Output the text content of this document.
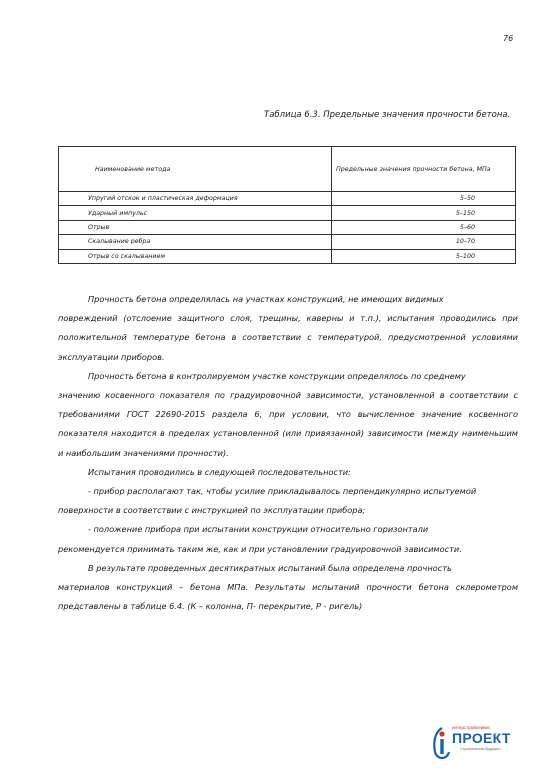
76
Таблица 6.3. Предельные значения прочности бетона.
Наименование метода	Предельные значения прочности бетона, МПа
Упругий отскок и пластическая деформация	5–50
Ударный импульс	5–150
Отрыв	5–60
Скалывание ребра	10–70
Отрыв со скалыванием	5–100
Прочность бетона определялась на участках конструкций, не имеющих видимых
повреждений (отслоение защитного слоя, трещины, каверны и т.п.), испытания проводились при положительной температуре бетона в соответствии с температурой, предусмотренной условиями эксплуатации приборов.
Прочность бетона в контролируемом участке конструкции определялось по среднему
значению косвенного показателя по градуировочной зависимости, установленной в соответствии с требованиями ГОСТ 22690-2015 раздела 6, при условии, что вычисленное значение косвенного показателя находится в пределах установленной (или привязанной) зависимости (между наименьшим и наибольшим значениями прочности).
Испытания проводились в следующей последовательности:
- прибор располагают так, чтобы усилие прикладывалось перпендикулярно испытуемой
поверхности в соответствии с инструкцией по эксплуатации прибора;
- положение прибора при испытании конструкции относительно горизонтали
рекомендуется принимать таким же, как и при установлении градуировочной зависимости.
В результате проведенных десятикратных испытаний была определена прочность
материалов конструкций – бетона МПа. Результаты испытаний прочности бетона склерометром представлены в таблице 6.4. (К – колонна, П- перекрытие, Р - ригель)
интерстройсервис
ПРОЕКТ
Строительство будущего
